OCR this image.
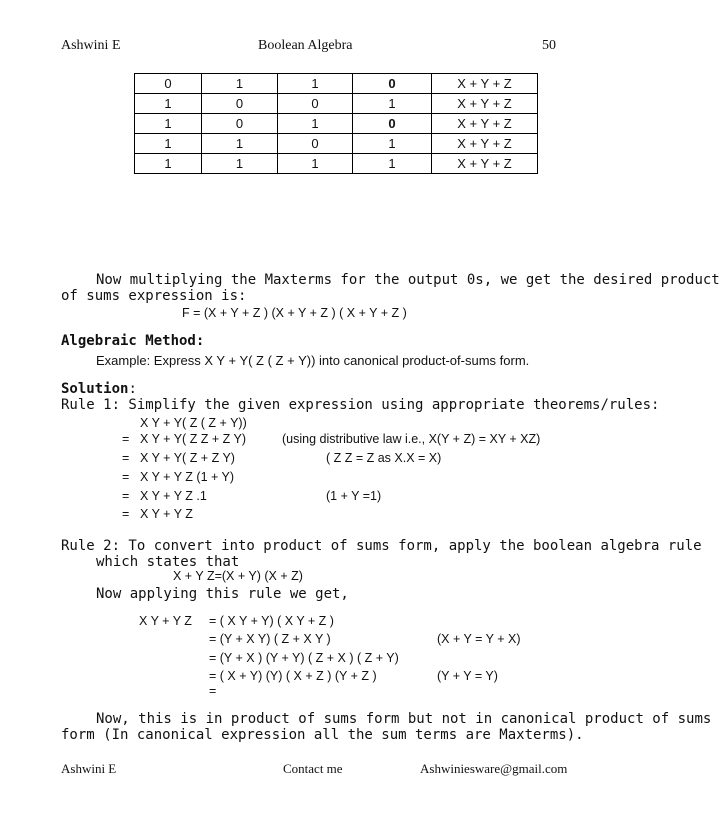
Ashwini E	Boolean Algebra	50
0	1	1	0	X + Y + Z
1	0	0	1	X + Y + Z
1	0	1	0	X + Y + Z
1	1	0	1	X + Y + Z
1	1	1	1	X + Y + Z
Now multiplying the Maxterms for the output 0s, we get the desired product
of sums expression is:
F = (X + Y + Z ) (X + Y + Z ) ( X + Y + Z )
Algebraic Method:
Example: Express X Y + Y( Z ( Z + Y)) into canonical product-of-sums form.
Solution:
Rule 1: Simplify the given expression using appropriate theorems/rules:
X Y + Y( Z ( Z + Y))
= X Y + Y( Z Z + Z Y)	(using distributive law i.e., X(Y + Z) = XY + XZ)
= X Y + Y( Z + Z Y)	( Z Z = Z as X.X = X)
= X Y + Y Z (1 + Y)
= X Y + Y Z .1	(1 + Y =1)
= X Y + Y Z
Rule 2: To convert into product of sums form, apply the boolean algebra rule
which states that
X + Y Z=(X + Y) (X + Z)
Now applying this rule we get,
X Y + Y Z = ( X Y + Y) ( X Y + Z )
= (Y + X Y) ( Z + X Y )	(X + Y = Y + X)
= (Y + X ) (Y + Y) ( Z + X ) ( Z + Y)
= ( X + Y) (Y) ( X + Z ) (Y + Z )	(Y + Y = Y)
=
Now, this is in product of sums form but not in canonical product of sums
form (In canonical expression all the sum terms are Maxterms).
Ashwini E	Contact me	Ashwiniesware@gmail.com
